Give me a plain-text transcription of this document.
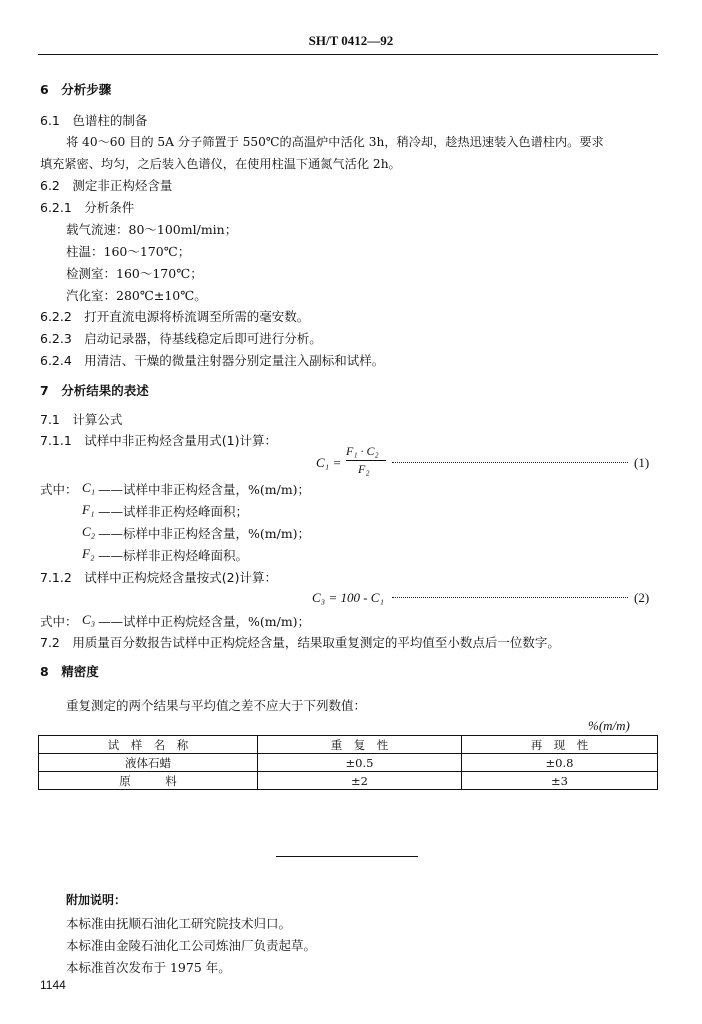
SH/T 0412—92
6　分析步骤
6.1　色谱柱的制备
将 40～60 目的 5A 分子筛置于 550℃的高温炉中活化 3h，稍冷却，趁热迅速装入色谱柱内。要求
填充紧密、均匀，之后装入色谱仪，在使用柱温下通氮气活化 2h。
6.2　测定非正构烃含量
6.2.1　分析条件
载气流速：80～100ml/min；
柱温：160～170℃；
检测室：160～170℃；
汽化室：280℃±10℃。
6.2.2　打开直流电源将桥流调至所需的毫安数。
6.2.3　启动记录器，待基线稳定后即可进行分析。
6.2.4　用清洁、干燥的微量注射器分别定量注入副标和试样。
7　分析结果的表述
7.1　计算公式
7.1.1　试样中非正构烃含量用式(1)计算：
C₁ =
F₁ · C₂
F₂	(1)
式中： C₁ ——试样中非正构烃含量，%(m/m)；
F₁ ——试样非正构烃峰面积；
C₂ ——标样中非正构烃含量，%(m/m)；
F₂ ——标样非正构烃峰面积。
7.1.2　试样中正构烷烃含量按式(2)计算：
C₃ = 100 - C₁	(2)
式中： C₃ ——试样中正构烷烃含量，%(m/m)；
7.2　用质量百分数报告试样中正构烷烃含量，结果取重复测定的平均值至小数点后一位数字。
8　精密度
重复测定的两个结果与平均值之差不应大于下列数值：
%(m/m)
试　样　名　称	重　复　性	再　现　性
液体石蜡	±0.5	±0.8
原　　　料	±2	±3
附加说明：
本标准由抚顺石油化工研究院技术归口。
本标准由金陵石油化工公司炼油厂负责起草。
本标准首次发布于 1975 年。
1144
